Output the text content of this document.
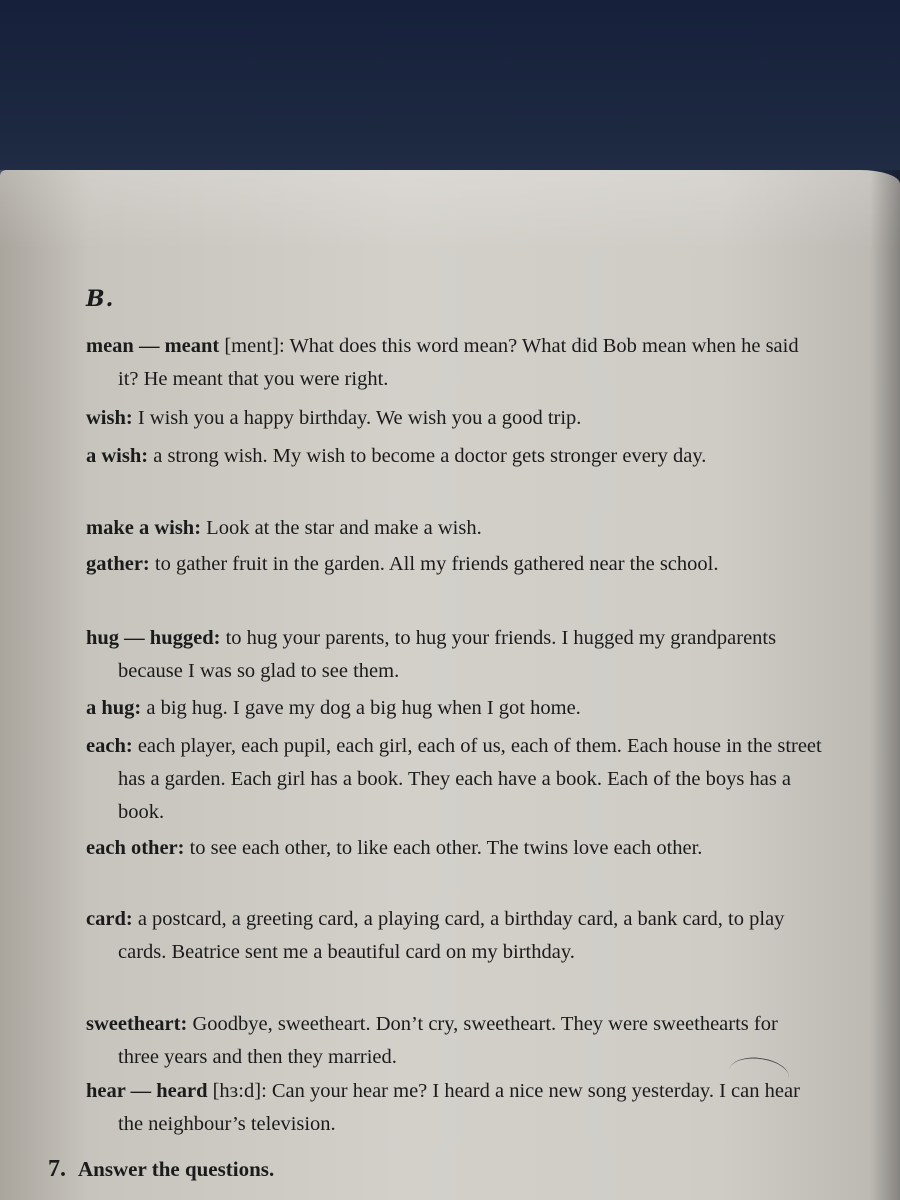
B.
mean — meant [ment]: What does this word mean? What did Bob mean when he said it? He meant that you were right.
wish: I wish you a happy birthday. We wish you a good trip.
a wish: a strong wish. My wish to become a doctor gets stronger every day.
make a wish: Look at the star and make a wish.
gather: to gather fruit in the garden. All my friends gathered near the school.
hug — hugged: to hug your parents, to hug your friends. I hugged my grandparents because I was so glad to see them.
a hug: a big hug. I gave my dog a big hug when I got home.
each: each player, each pupil, each girl, each of us, each of them. Each house in the street has a garden. Each girl has a book. They each have a book. Each of the boys has a book.
each other: to see each other, to like each other. The twins love each other.
card: a postcard, a greeting card, a playing card, a birthday card, a bank card, to play cards. Beatrice sent me a beautiful card on my birthday.
sweetheart: Goodbye, sweetheart. Don’t cry, sweetheart. They were sweethearts for three years and then they married.
hear — heard [hɜ:d]: Can your hear me? I heard a nice new song yesterday. I can hear the neighbour’s television.
7. Answer the questions.
